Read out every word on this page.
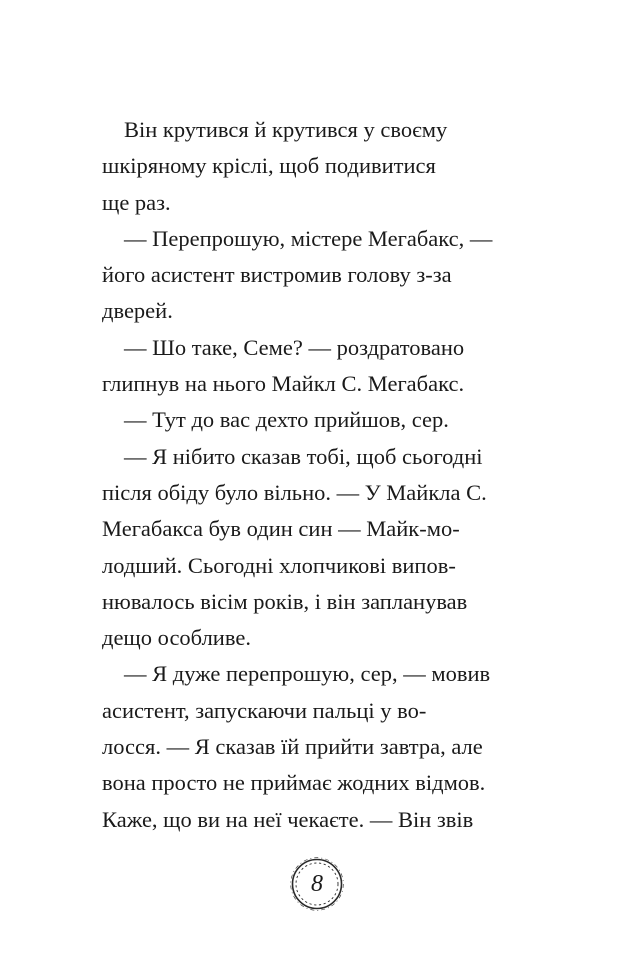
Він крутився й крутився у своєму
шкіряному кріслі, щоб подивитися
ще раз.
— Перепрошую, містере Мегабакс, —
його асистент вистромив голову з-за
дверей.
— Шо таке, Семе? — роздратовано
глипнув на нього Майкл С. Мегабакс.
— Тут до вас дехто прийшов, сер.
— Я нібито сказав тобі, щоб сьогодні
після обіду було вільно. — У Майкла С.
Мегабакса був один син — Майк-мо-
лодший. Сьогодні хлопчикові випов-
нювалось вісім років, і він запланував
дещо особливе.
— Я дуже перепрошую, сер, — мовив
асистент, запускаючи пальці у во-
лосся. — Я сказав їй прийти завтра, але
вона просто не приймає жодних відмов.
Каже, що ви на неї чекаєте. — Він звів
8
